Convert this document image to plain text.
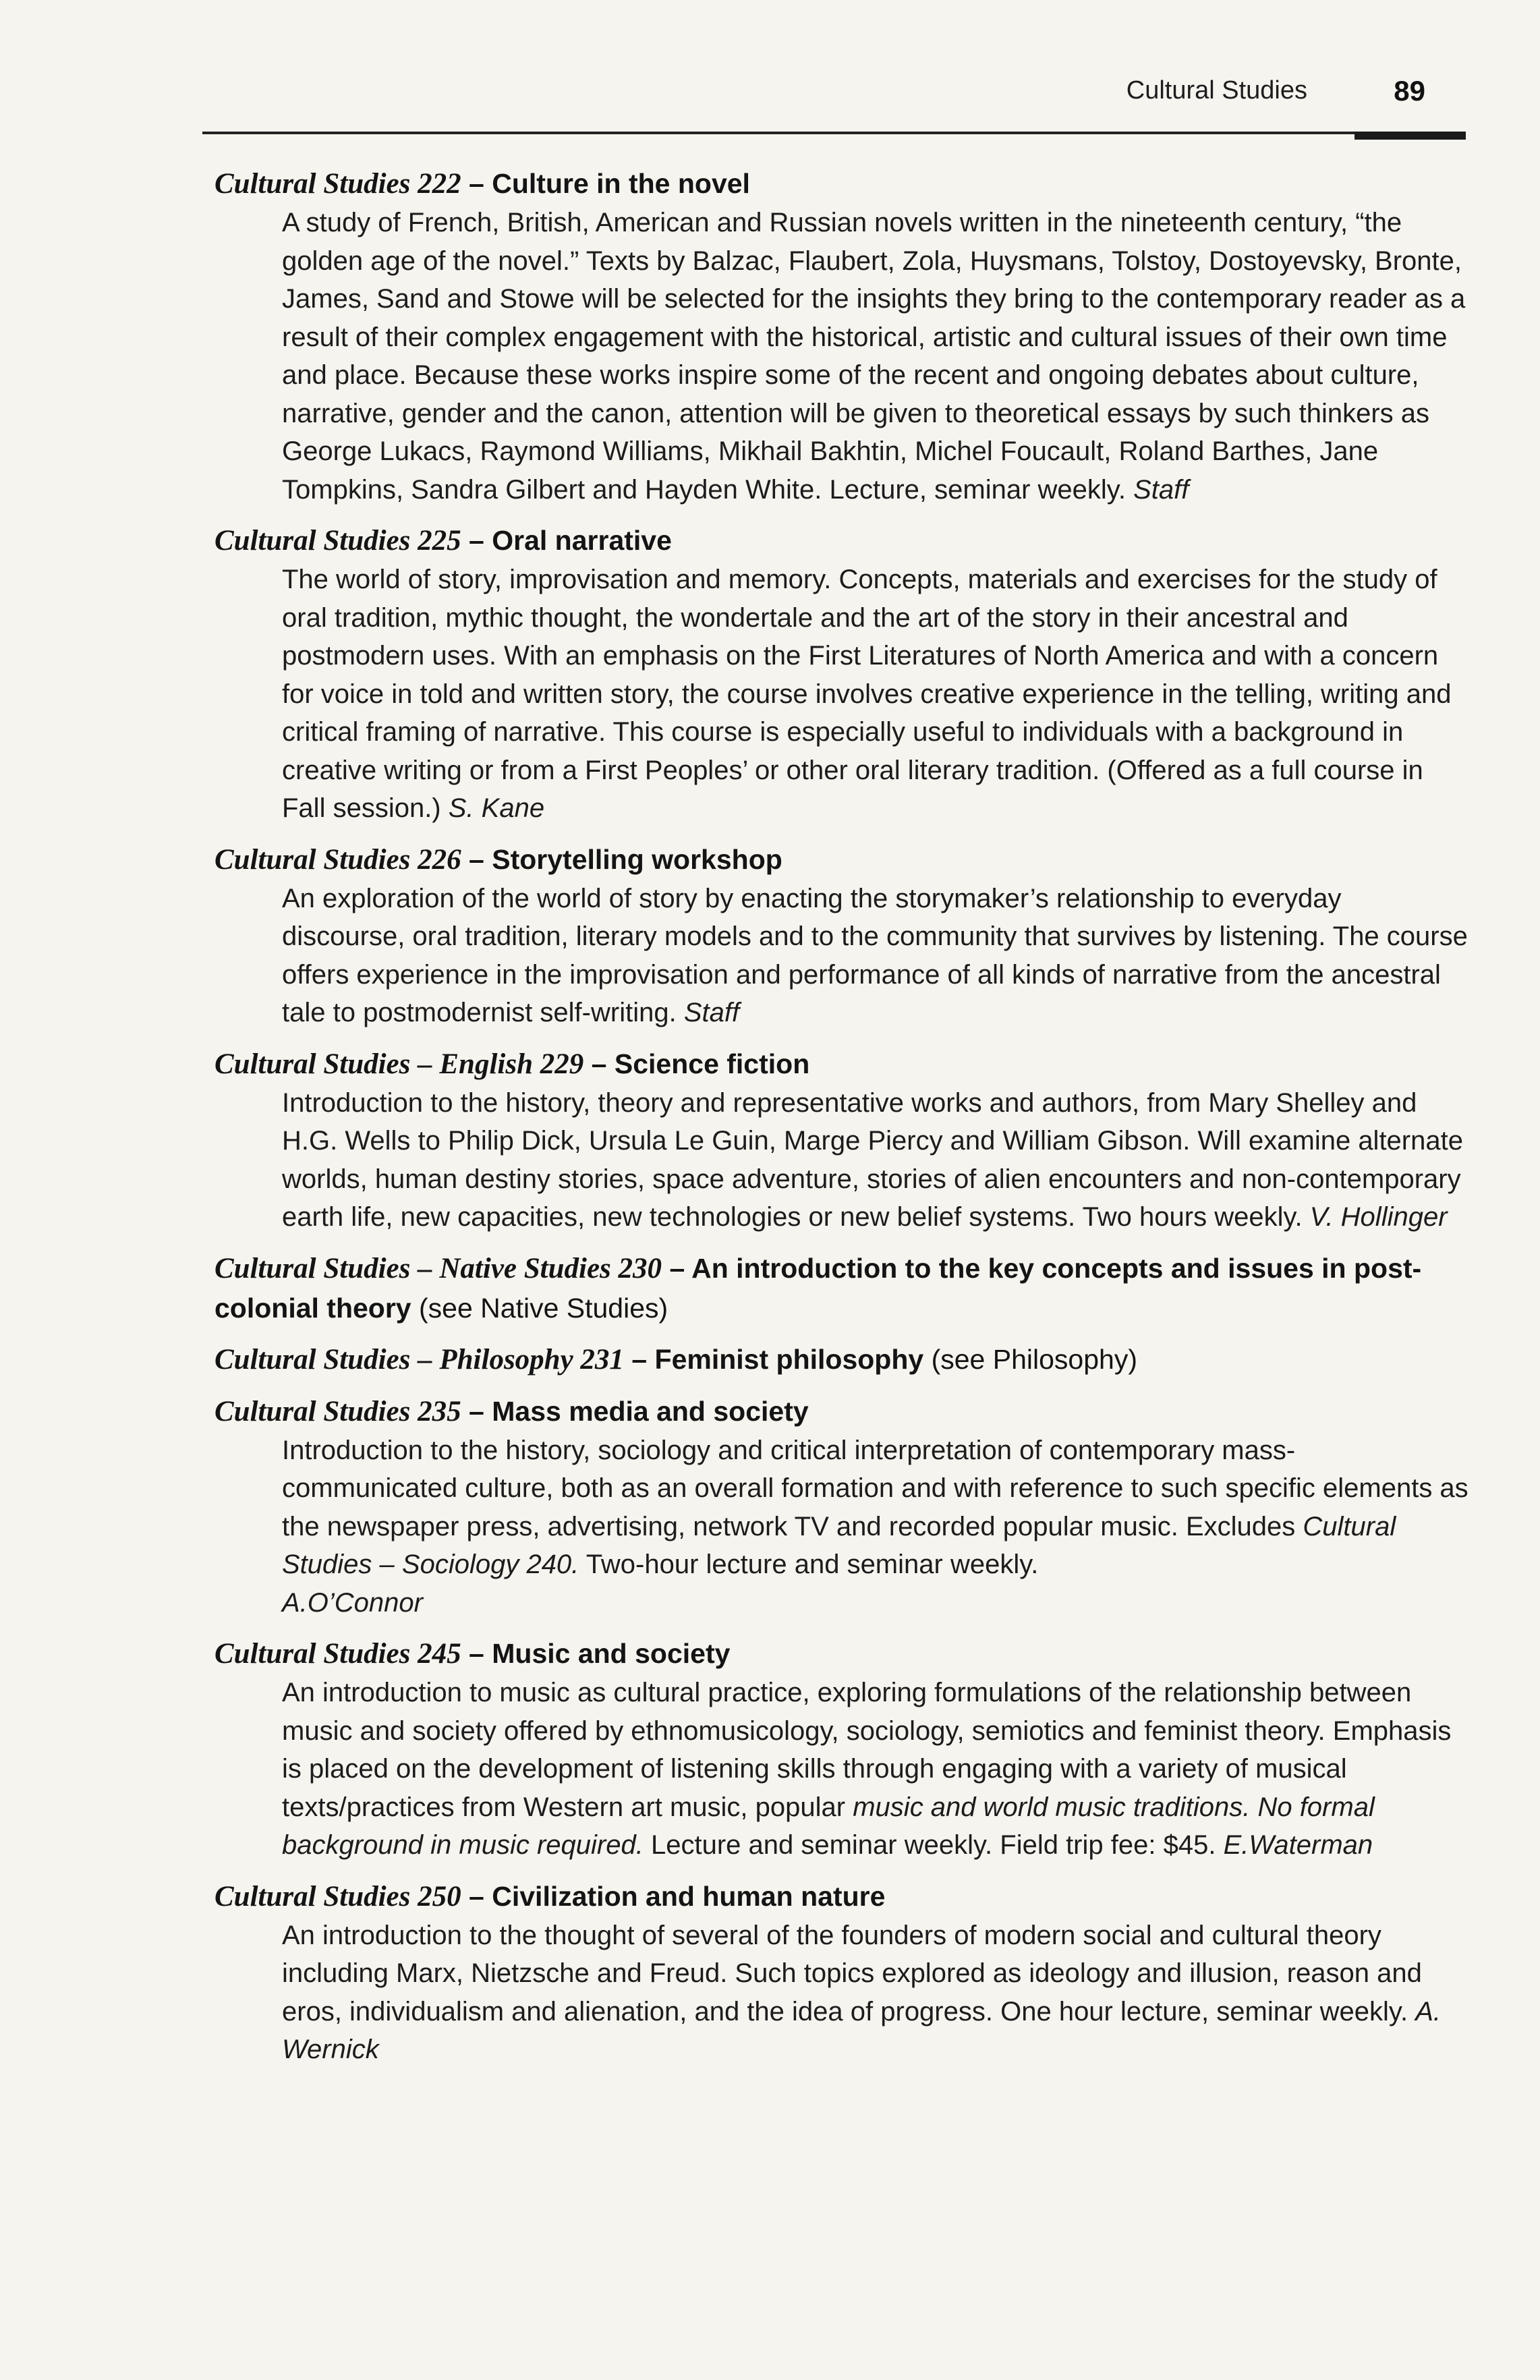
Cultural Studies	89
Cultural Studies 222 – Culture in the novel
A study of French, British, American and Russian novels written in the nineteenth century, “the golden age of the novel.” Texts by Balzac, Flaubert, Zola, Huysmans, Tolstoy, Dostoyevsky, Bronte, James, Sand and Stowe will be selected for the insights they bring to the contemporary reader as a result of their complex engagement with the historical, artistic and cultural issues of their own time and place. Because these works inspire some of the recent and ongoing debates about culture, narrative, gender and the canon, attention will be given to theoretical essays by such thinkers as George Lukacs, Raymond Williams, Mikhail Bakhtin, Michel Foucault, Roland Barthes, Jane Tompkins, Sandra Gilbert and Hayden White. Lecture, seminar weekly. Staff
Cultural Studies 225 – Oral narrative
The world of story, improvisation and memory. Concepts, materials and exercises for the study of oral tradition, mythic thought, the wondertale and the art of the story in their ancestral and postmodern uses. With an emphasis on the First Literatures of North America and with a concern for voice in told and written story, the course involves creative experience in the telling, writing and critical framing of narrative. This course is especially useful to individuals with a background in creative writing or from a First Peoples’ or other oral literary tradition. (Offered as a full course in Fall session.) S. Kane
Cultural Studies 226 – Storytelling workshop
An exploration of the world of story by enacting the storymaker’s relationship to everyday discourse, oral tradition, literary models and to the community that survives by listening. The course offers experience in the improvisation and performance of all kinds of narrative from the ancestral tale to postmodernist self-writing. Staff
Cultural Studies – English 229 – Science fiction
Introduction to the history, theory and representative works and authors, from Mary Shelley and H.G. Wells to Philip Dick, Ursula Le Guin, Marge Piercy and William Gibson. Will examine alternate worlds, human destiny stories, space adventure, stories of alien encounters and non-contemporary earth life, new capacities, new technologies or new belief systems. Two hours weekly. V. Hollinger
Cultural Studies – Native Studies 230 – An introduction to the key concepts and issues in post-colonial theory (see Native Studies)
Cultural Studies – Philosophy 231 – Feminist philosophy (see Philosophy)
Cultural Studies 235 – Mass media and society
Introduction to the history, sociology and critical interpretation of contemporary mass-communicated culture, both as an overall formation and with reference to such specific elements as the newspaper press, advertising, network TV and recorded popular music. Excludes Cultural Studies – Sociology 240. Two-hour lecture and seminar weekly.
A.O’Connor
Cultural Studies 245 – Music and society
An introduction to music as cultural practice, exploring formulations of the relationship between music and society offered by ethnomusicology, sociology, semiotics and feminist theory. Emphasis is placed on the development of listening skills through engaging with a variety of musical texts/practices from Western art music, popular music and world music traditions. No formal background in music required. Lecture and seminar weekly. Field trip fee: $45. E.Waterman
Cultural Studies 250 – Civilization and human nature
An introduction to the thought of several of the founders of modern social and cultural theory including Marx, Nietzsche and Freud. Such topics explored as ideology and illusion, reason and eros, individualism and alienation, and the idea of progress. One hour lecture, seminar weekly. A. Wernick
